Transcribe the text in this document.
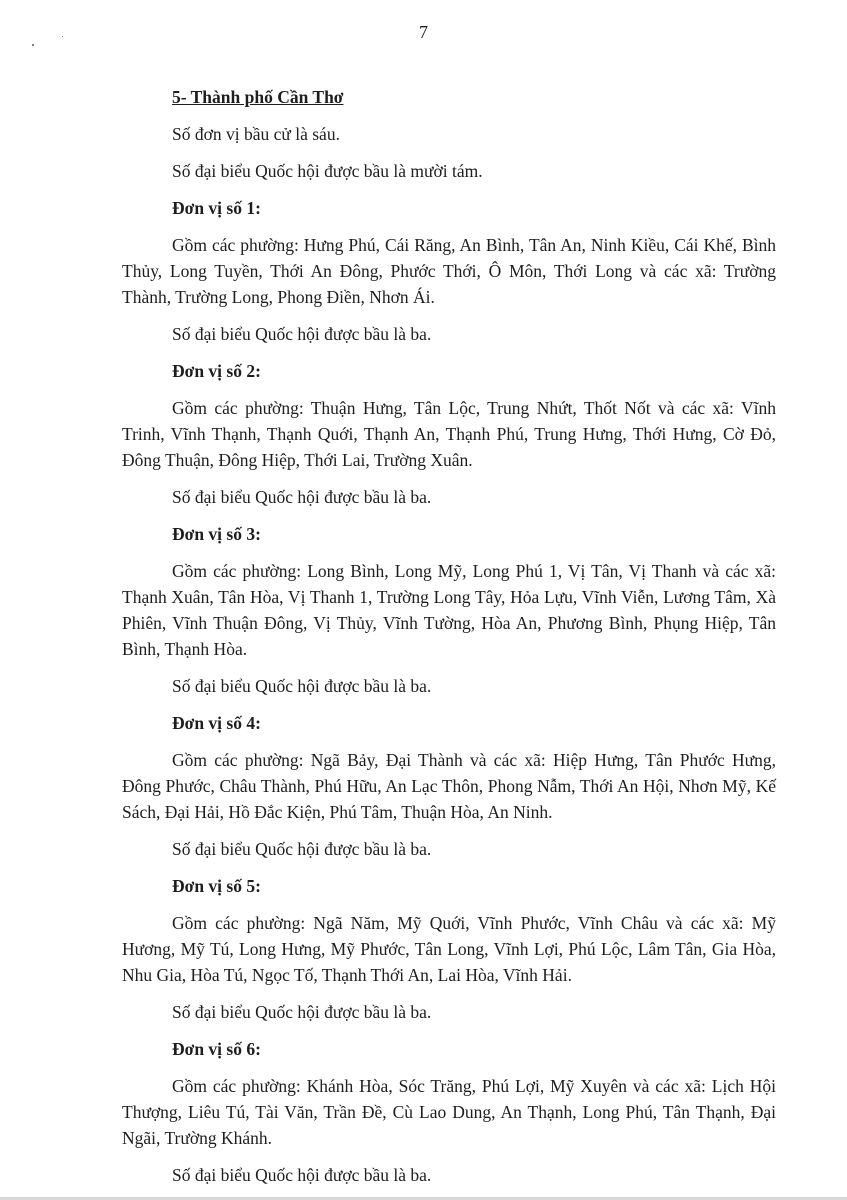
7

5- Thành phố Cần Thơ

Số đơn vị bầu cử là sáu.

Số đại biểu Quốc hội được bầu là mười tám.

Đơn vị số 1:

Gồm các phường: Hưng Phú, Cái Răng, An Bình, Tân An, Ninh Kiều, Cái Khế, Bình Thủy, Long Tuyền, Thới An Đông, Phước Thới, Ô Môn, Thới Long và các xã: Trường Thành, Trường Long, Phong Điền, Nhơn Ái.

Số đại biểu Quốc hội được bầu là ba.

Đơn vị số 2:

Gồm các phường: Thuận Hưng, Tân Lộc, Trung Nhứt, Thốt Nốt và các xã: Vĩnh Trinh, Vĩnh Thạnh, Thạnh Quới, Thạnh An, Thạnh Phú, Trung Hưng, Thới Hưng, Cờ Đỏ, Đông Thuận, Đông Hiệp, Thới Lai, Trường Xuân.

Số đại biểu Quốc hội được bầu là ba.

Đơn vị số 3:

Gồm các phường: Long Bình, Long Mỹ, Long Phú 1, Vị Tân, Vị Thanh và các xã: Thạnh Xuân, Tân Hòa, Vị Thanh 1, Trường Long Tây, Hỏa Lựu, Vĩnh Viễn, Lương Tâm, Xà Phiên, Vĩnh Thuận Đông, Vị Thủy, Vĩnh Tường, Hòa An, Phương Bình, Phụng Hiệp, Tân Bình, Thạnh Hòa.

Số đại biểu Quốc hội được bầu là ba.

Đơn vị số 4:

Gồm các phường: Ngã Bảy, Đại Thành và các xã: Hiệp Hưng, Tân Phước Hưng, Đông Phước, Châu Thành, Phú Hữu, An Lạc Thôn, Phong Nẫm, Thới An Hội, Nhơn Mỹ, Kế Sách, Đại Hải, Hồ Đắc Kiện, Phú Tâm, Thuận Hòa, An Ninh.

Số đại biểu Quốc hội được bầu là ba.

Đơn vị số 5:

Gồm các phường: Ngã Năm, Mỹ Quới, Vĩnh Phước, Vĩnh Châu và các xã: Mỹ Hương, Mỹ Tú, Long Hưng, Mỹ Phước, Tân Long, Vĩnh Lợi, Phú Lộc, Lâm Tân, Gia Hòa, Nhu Gia, Hòa Tú, Ngọc Tố, Thạnh Thới An, Lai Hòa, Vĩnh Hải.

Số đại biểu Quốc hội được bầu là ba.

Đơn vị số 6:

Gồm các phường: Khánh Hòa, Sóc Trăng, Phú Lợi, Mỹ Xuyên và các xã: Lịch Hội Thượng, Liêu Tú, Tài Văn, Trần Đề, Cù Lao Dung, An Thạnh, Long Phú, Tân Thạnh, Đại Ngãi, Trường Khánh.

Số đại biểu Quốc hội được bầu là ba.
